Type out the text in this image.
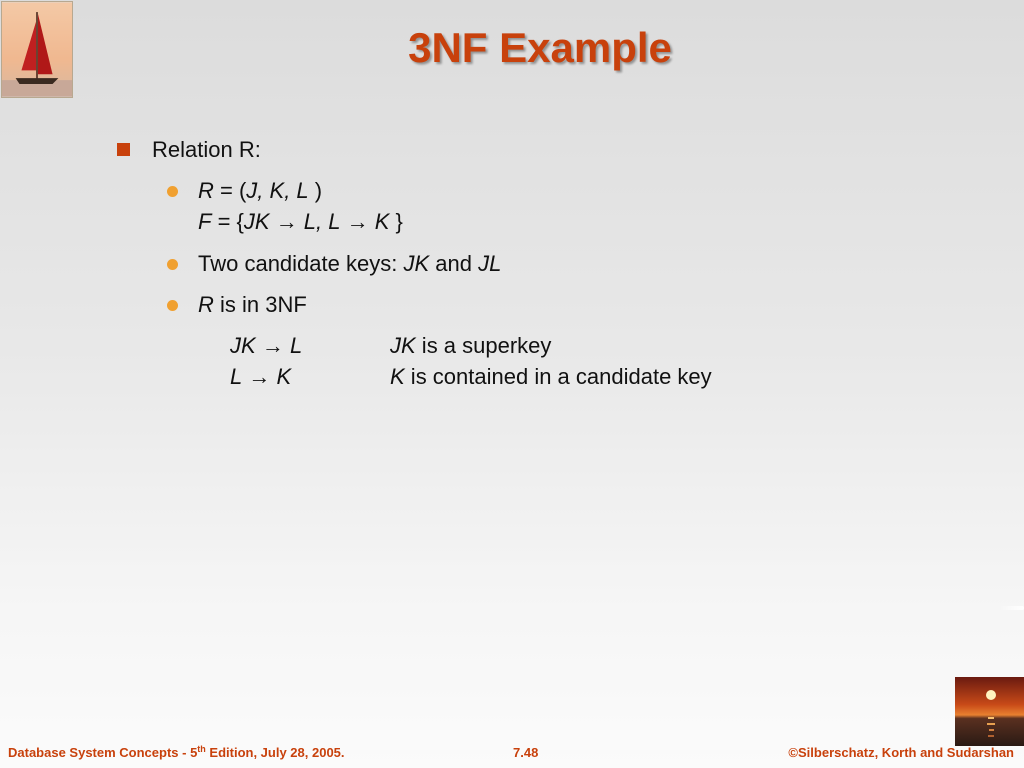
3NF Example
Relation R:
R = (J, K, L )
F = {JK → L, L → K }
Two candidate keys: JK and JL
R is in 3NF
JK → L	JK is a superkey
L → K	K is contained in a candidate key
Database System Concepts - 5th Edition, July 28, 2005.	7.48	©Silberschatz, Korth and Sudarshan
